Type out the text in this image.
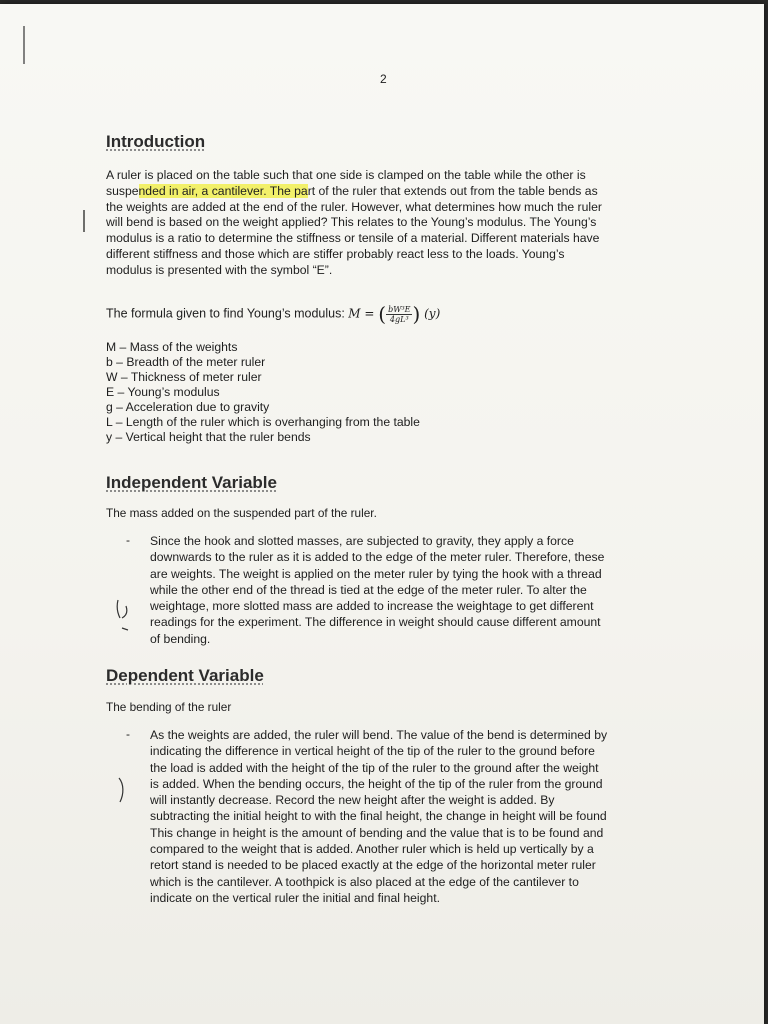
2
Introduction
A ruler is placed on the table such that one side is clamped on the table while the other is
suspended in air, a cantilever. The part of the ruler that extends out from the table bends as
the weights are added at the end of the ruler. However, what determines how much the ruler
will bend is based on the weight applied? This relates to the Young’s modulus. The Young’s
modulus is a ratio to determine the stiffness or tensile of a material. Different materials have
different stiffness and those which are stiffer probably react less to the loads. Young’s
modulus is presented with the symbol “E”.
The formula given to find Young’s modulus: M = ( $\frac{\text{bW³E}}{\text{4gL³}}$ ) (y)
M – Mass of the weights
b – Breadth of the meter ruler
W – Thickness of meter ruler
E – Young’s modulus
g – Acceleration due to gravity
L – Length of the ruler which is overhanging from the table
y – Vertical height that the ruler bends
Independent Variable

The mass added on the suspended part of the ruler.

- Since the hook and slotted masses, are subjected to gravity, they apply a force
downwards to the ruler as it is added to the edge of the meter ruler. Therefore, these
are weights. The weight is applied on the meter ruler by tying the hook with a thread
while the other end of the thread is tied at the edge of the meter ruler. To alter the
weightage, more slotted mass are added to increase the weightage to get different
readings for the experiment. The difference in weight should cause different amount
of bending.
Dependent Variable

The bending of the ruler

- As the weights are added, the ruler will bend. The value of the bend is determined by
indicating the difference in vertical height of the tip of the ruler to the ground before
the load is added with the height of the tip of the ruler to the ground after the weight
is added. When the bending occurs, the height of the tip of the ruler from the ground
will instantly decrease. Record the new height after the weight is added. By
subtracting the initial height to with the final height, the change in height will be found
This change in height is the amount of bending and the value that is to be found and
compared to the weight that is added. Another ruler which is held up vertically by a
retort stand is needed to be placed exactly at the edge of the horizontal meter ruler
which is the cantilever. A toothpick is also placed at the edge of the cantilever to
indicate on the vertical ruler the initial and final height.
